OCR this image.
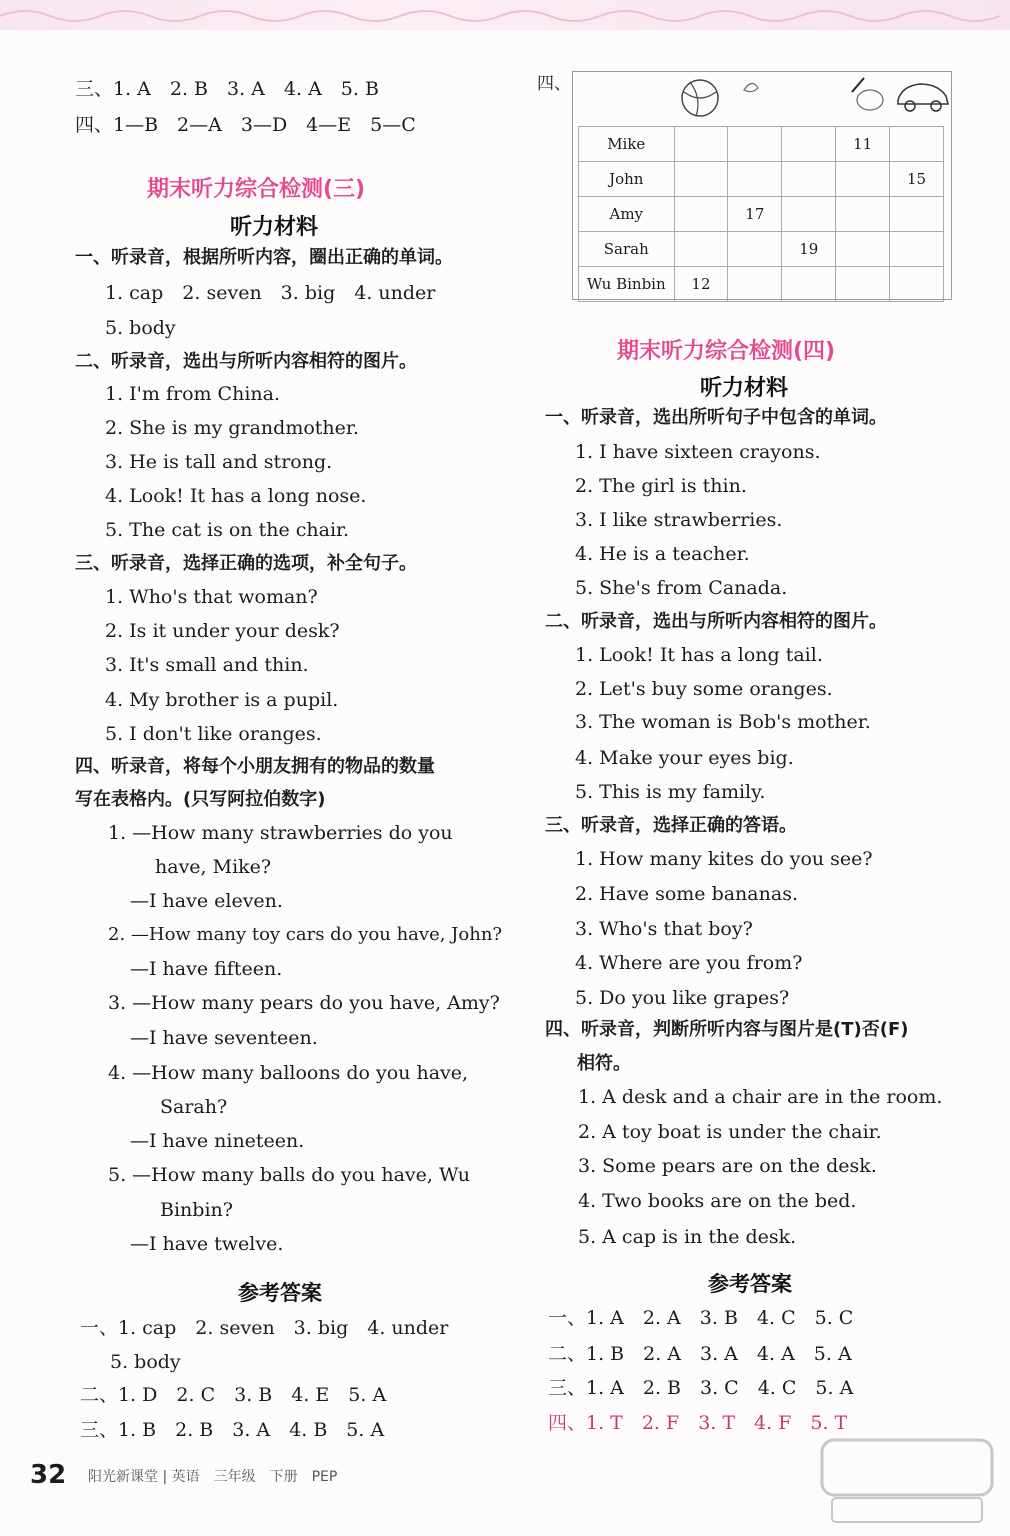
三、1. A　2. B　3. A　4. A　5. B
四、1—B　2—A　3—D　4—E　5—C
期末听力综合检测(三)
听力材料
一、听录音，根据所听内容，圈出正确的单词。
1. cap　2. seven　3. big　4. under
5. body
二、听录音，选出与所听内容相符的图片。
1. I'm from China.
2. She is my grandmother.
3. He is tall and strong.
4. Look! It has a long nose.
5. The cat is on the chair.
三、听录音，选择正确的选项，补全句子。
1. Who's that woman?
2. Is it under your desk?
3. It's small and thin.
4. My brother is a pupil.
5. I don't like oranges.
四、听录音，将每个小朋友拥有的物品的数量
写在表格内。(只写阿拉伯数字)
1. —How many strawberries do you
have, Mike?
—I have eleven.
2. —How many toy cars do you have, John?
—I have fifteen.
3. —How many pears do you have, Amy?
—I have seventeen.
4. —How many balloons do you have,
Sarah?
—I have nineteen.
5. —How many balls do you have, Wu
Binbin?
—I have twelve.
参考答案
一、1. cap　2. seven　3. big　4. under
5. body
二、1. D　2. C　3. B　4. E　5. A
三、1. B　2. B　3. A　4. B　5. A
四、
Mike				11	
John					15
Amy		17			
Sarah			19		
Wu Binbin	12				
期末听力综合检测(四)
听力材料
一、听录音，选出所听句子中包含的单词。
1. I have sixteen crayons.
2. The girl is thin.
3. I like strawberries.
4. He is a teacher.
5. She's from Canada.
二、听录音，选出与所听内容相符的图片。
1. Look! It has a long tail.
2. Let's buy some oranges.
3. The woman is Bob's mother.
4. Make your eyes big.
5. This is my family.
三、听录音，选择正确的答语。
1. How many kites do you see?
2. Have some bananas.
3. Who's that boy?
4. Where are you from?
5. Do you like grapes?
四、听录音，判断所听内容与图片是(T)否(F)
相符。
1. A desk and a chair are in the room.
2. A toy boat is under the chair.
3. Some pears are on the desk.
4. Two books are on the bed.
5. A cap is in the desk.
参考答案
一、1. A　2. A　3. B　4. C　5. C
二、1. B　2. A　3. A　4. A　5. A
三、1. A　2. B　3. C　4. C　5. A
四、1. T　2. F　3. T　4. F　5. T
32 阳光新课堂 | 英语　三年级　下册　PEP
